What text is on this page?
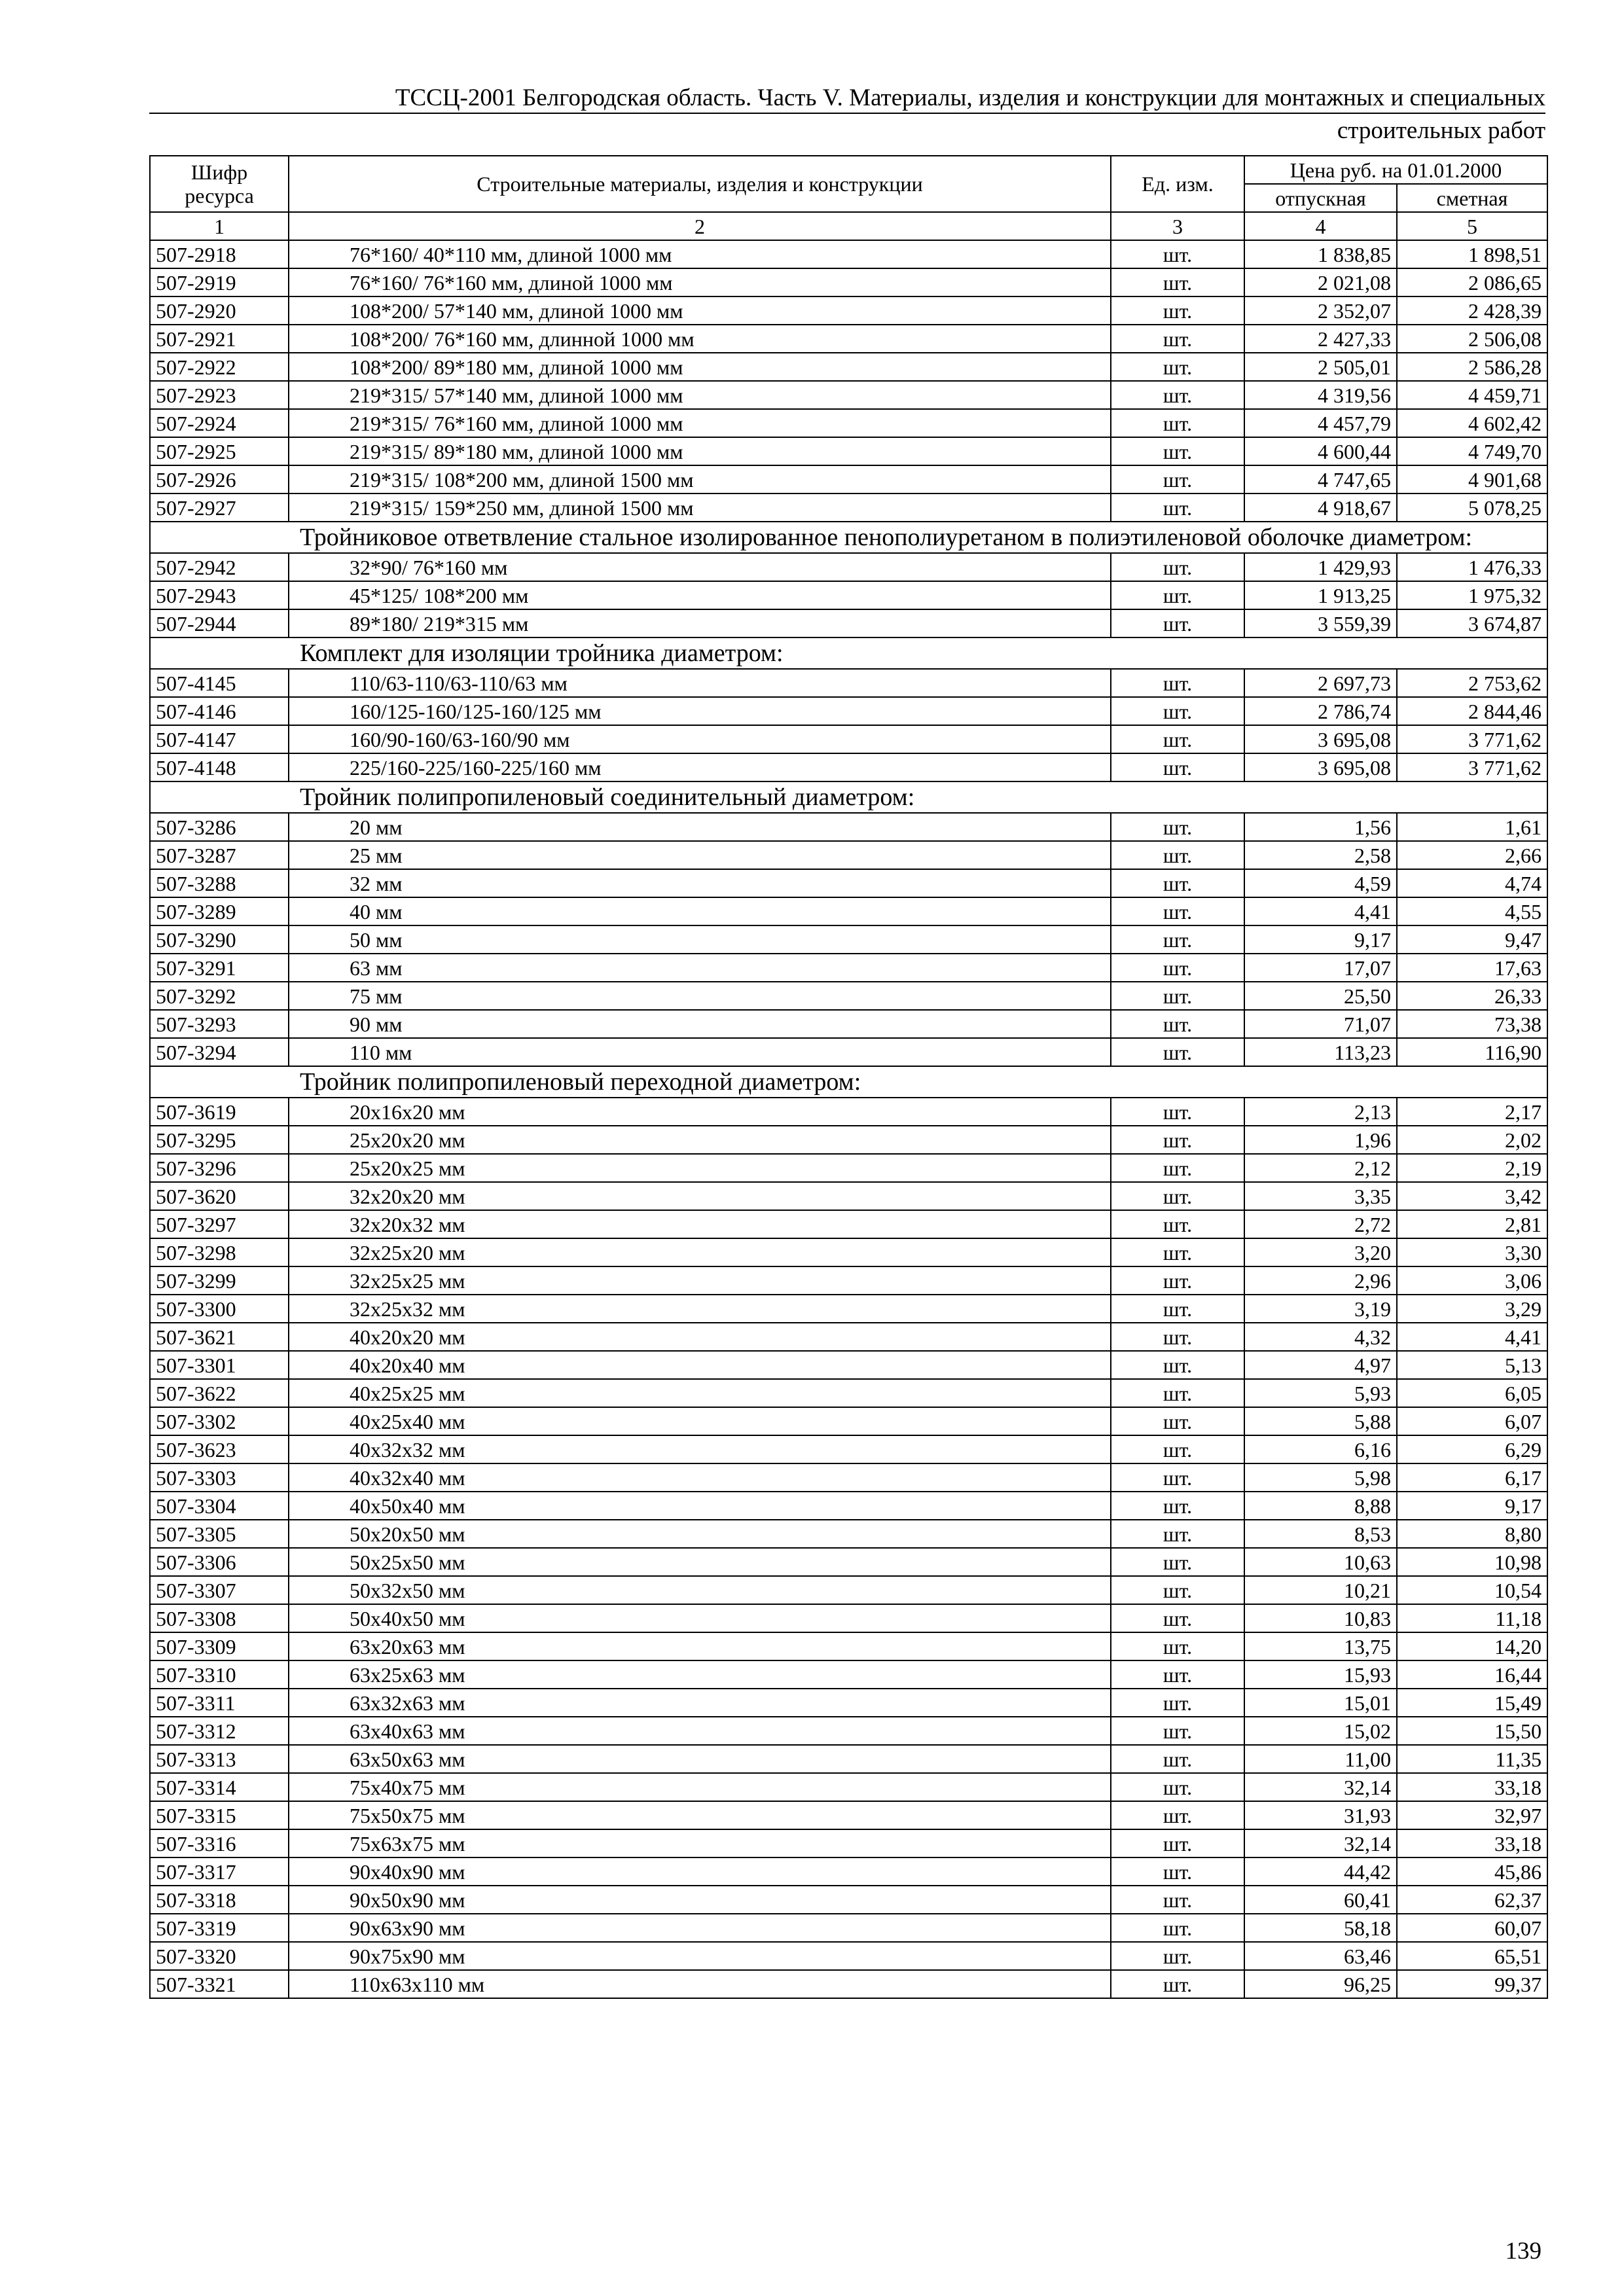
ТССЦ-2001 Белгородская область. Часть V. Материалы, изделия и конструкции для монтажных и специальных
строительных работ
Шифр ресурса	Строительные материалы, изделия и конструкции	Ед. изм.	Цена руб. на 01.01.2000	
			отпускная	сметная
1	2	3	4	5
507-2918	76*160/ 40*110 мм, длиной 1000 мм	шт.	1 838,85	1 898,51
507-2919	76*160/ 76*160 мм, длиной 1000 мм	шт.	2 021,08	2 086,65
507-2920	108*200/ 57*140 мм, длиной 1000 мм	шт.	2 352,07	2 428,39
507-2921	108*200/ 76*160 мм, длинной 1000 мм	шт.	2 427,33	2 506,08
507-2922	108*200/ 89*180 мм, длиной 1000 мм	шт.	2 505,01	2 586,28
507-2923	219*315/ 57*140 мм, длиной 1000 мм	шт.	4 319,56	4 459,71
507-2924	219*315/ 76*160 мм, длиной 1000 мм	шт.	4 457,79	4 602,42
507-2925	219*315/ 89*180 мм, длиной 1000 мм	шт.	4 600,44	4 749,70
507-2926	219*315/ 108*200 мм, длиной 1500 мм	шт.	4 747,65	4 901,68
507-2927	219*315/ 159*250 мм, длиной 1500 мм	шт.	4 918,67	5 078,25
Тройниковое ответвление стальное изолированное пенополиуретаном в полиэтиленовой оболочке диаметром:				
507-2942	32*90/ 76*160 мм	шт.	1 429,93	1 476,33
507-2943	45*125/ 108*200 мм	шт.	1 913,25	1 975,32
507-2944	89*180/ 219*315 мм	шт.	3 559,39	3 674,87
Комплект для изоляции тройника диаметром:				
507-4145	110/63-110/63-110/63 мм	шт.	2 697,73	2 753,62
507-4146	160/125-160/125-160/125 мм	шт.	2 786,74	2 844,46
507-4147	160/90-160/63-160/90 мм	шт.	3 695,08	3 771,62
507-4148	225/160-225/160-225/160 мм	шт.	3 695,08	3 771,62
Тройник полипропиленовый соединительный диаметром:				
507-3286	20 мм	шт.	1,56	1,61
507-3287	25 мм	шт.	2,58	2,66
507-3288	32 мм	шт.	4,59	4,74
507-3289	40 мм	шт.	4,41	4,55
507-3290	50 мм	шт.	9,17	9,47
507-3291	63 мм	шт.	17,07	17,63
507-3292	75 мм	шт.	25,50	26,33
507-3293	90 мм	шт.	71,07	73,38
507-3294	110 мм	шт.	113,23	116,90
Тройник полипропиленовый переходной диаметром:				
507-3619	20х16х20 мм	шт.	2,13	2,17
507-3295	25х20х20 мм	шт.	1,96	2,02
507-3296	25х20х25 мм	шт.	2,12	2,19
507-3620	32х20х20 мм	шт.	3,35	3,42
507-3297	32х20х32 мм	шт.	2,72	2,81
507-3298	32х25х20 мм	шт.	3,20	3,30
507-3299	32х25х25 мм	шт.	2,96	3,06
507-3300	32х25х32 мм	шт.	3,19	3,29
507-3621	40х20х20 мм	шт.	4,32	4,41
507-3301	40х20х40 мм	шт.	4,97	5,13
507-3622	40х25х25 мм	шт.	5,93	6,05
507-3302	40х25х40 мм	шт.	5,88	6,07
507-3623	40х32х32 мм	шт.	6,16	6,29
507-3303	40х32х40 мм	шт.	5,98	6,17
507-3304	40х50х40 мм	шт.	8,88	9,17
507-3305	50х20х50 мм	шт.	8,53	8,80
507-3306	50х25х50 мм	шт.	10,63	10,98
507-3307	50х32х50 мм	шт.	10,21	10,54
507-3308	50х40х50 мм	шт.	10,83	11,18
507-3309	63х20х63 мм	шт.	13,75	14,20
507-3310	63х25х63 мм	шт.	15,93	16,44
507-3311	63х32х63 мм	шт.	15,01	15,49
507-3312	63х40х63 мм	шт.	15,02	15,50
507-3313	63х50х63 мм	шт.	11,00	11,35
507-3314	75х40х75 мм	шт.	32,14	33,18
507-3315	75х50х75 мм	шт.	31,93	32,97
507-3316	75х63х75 мм	шт.	32,14	33,18
507-3317	90х40х90 мм	шт.	44,42	45,86
507-3318	90х50х90 мм	шт.	60,41	62,37
507-3319	90х63х90 мм	шт.	58,18	60,07
507-3320	90х75х90 мм	шт.	63,46	65,51
507-3321	110х63х110 мм	шт.	96,25	99,37
139
